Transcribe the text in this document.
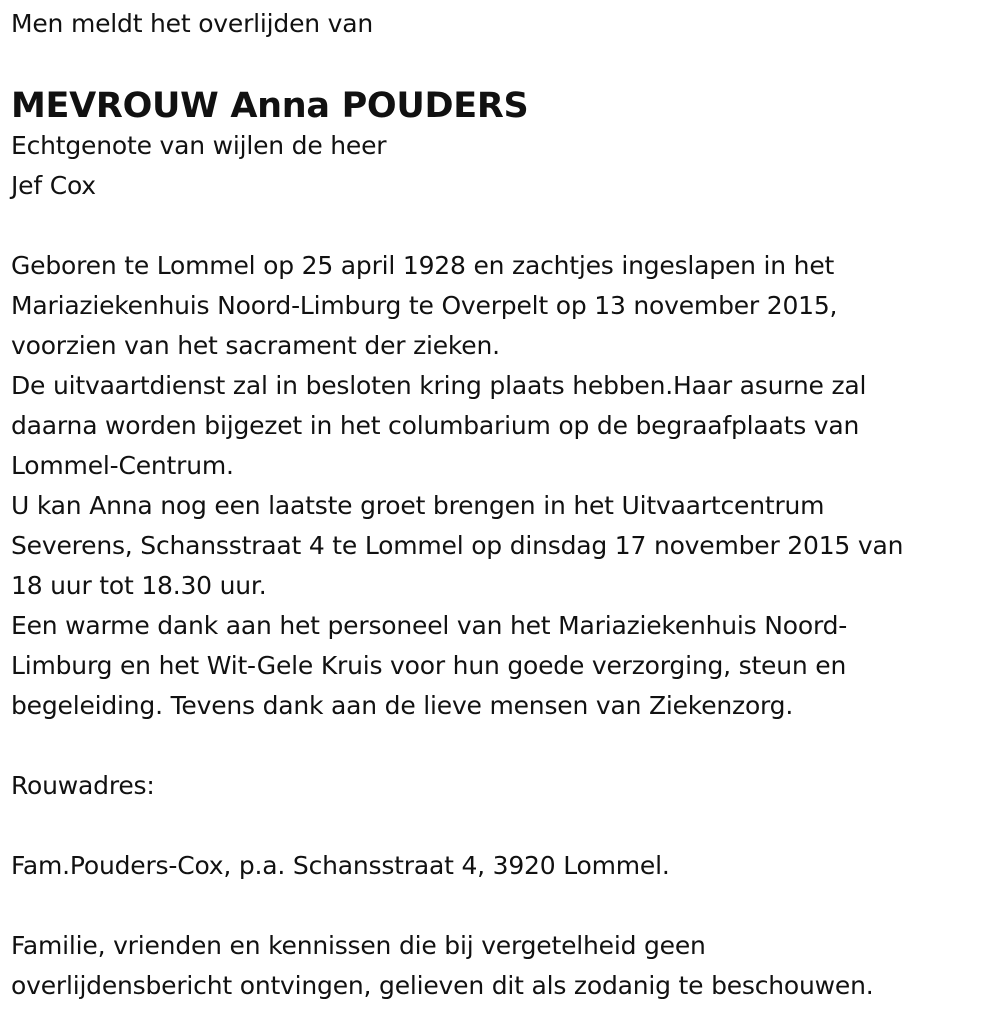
Men meldt het overlijden van
MEVROUW Anna POUDERS
Echtgenote van wijlen de heer
Jef Cox
Geboren te Lommel op 25 april 1928 en zachtjes ingeslapen in het
Mariaziekenhuis Noord-Limburg te Overpelt op 13 november 2015,
voorzien van het sacrament der zieken.
De uitvaartdienst zal in besloten kring plaats hebben.Haar asurne zal
daarna worden bijgezet in het columbarium op de begraafplaats van
Lommel-Centrum.
U kan Anna nog een laatste groet brengen in het Uitvaartcentrum
Severens, Schansstraat 4 te Lommel op dinsdag 17 november 2015 van
18 uur tot 18.30 uur.
Een warme dank aan het personeel van het Mariaziekenhuis Noord-
Limburg en het Wit-Gele Kruis voor hun goede verzorging, steun en
begeleiding. Tevens dank aan de lieve mensen van Ziekenzorg.
Rouwadres:
Fam.Pouders-Cox, p.a. Schansstraat 4, 3920 Lommel.
Familie, vrienden en kennissen die bij vergetelheid geen
overlijdensbericht ontvingen, gelieven dit als zodanig te beschouwen.
